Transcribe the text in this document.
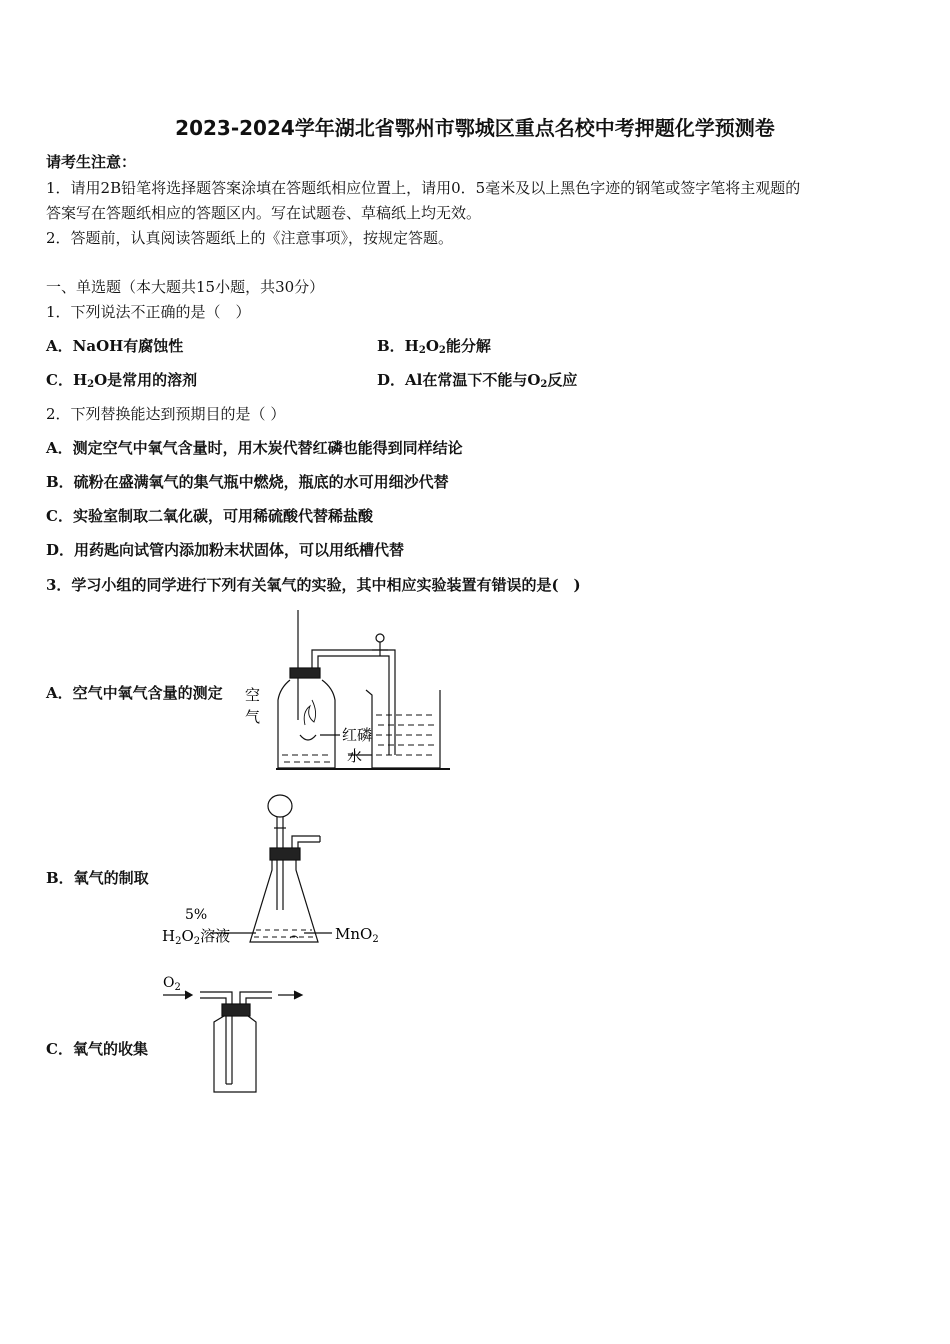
2023-2024学年湖北省鄂州市鄂城区重点名校中考押题化学预测卷
请考生注意：
1．请用2B铅笔将选择题答案涂填在答题纸相应位置上，请用0．5毫米及以上黑色字迹的钢笔或签字笔将主观题的
答案写在答题纸相应的答题区内。写在试题卷、草稿纸上均无效。
2．答题前，认真阅读答题纸上的《注意事项》，按规定答题。
一、单选题（本大题共15小题，共30分）
1．下列说法不正确的是（　）
A．NaOH有腐蚀性	B．$H_2O_2$能分解
C．$H_2O$是常用的溶剂	D．Al在常温下不能与$O_2$反应
2．下列替换能达到预期目的是（ ）
A．测定空气中氧气含量时，用木炭代替红磷也能得到同样结论
B．硫粉在盛满氧气的集气瓶中燃烧，瓶底的水可用细沙代替
C．实验室制取二氧化碳，可用稀硫酸代替稀盐酸
D．用药匙向试管内添加粉末状固体，可以用纸槽代替
3．学习小组的同学进行下列有关氧气的实验，其中相应实验装置有错误的是(　)
A．空气中氧气含量的测定
B．氧气的制取
C．氧气的收集
空
气
红磷
水
5%
$H_2O_2$溶液	MnO$_2$
$O_2$
